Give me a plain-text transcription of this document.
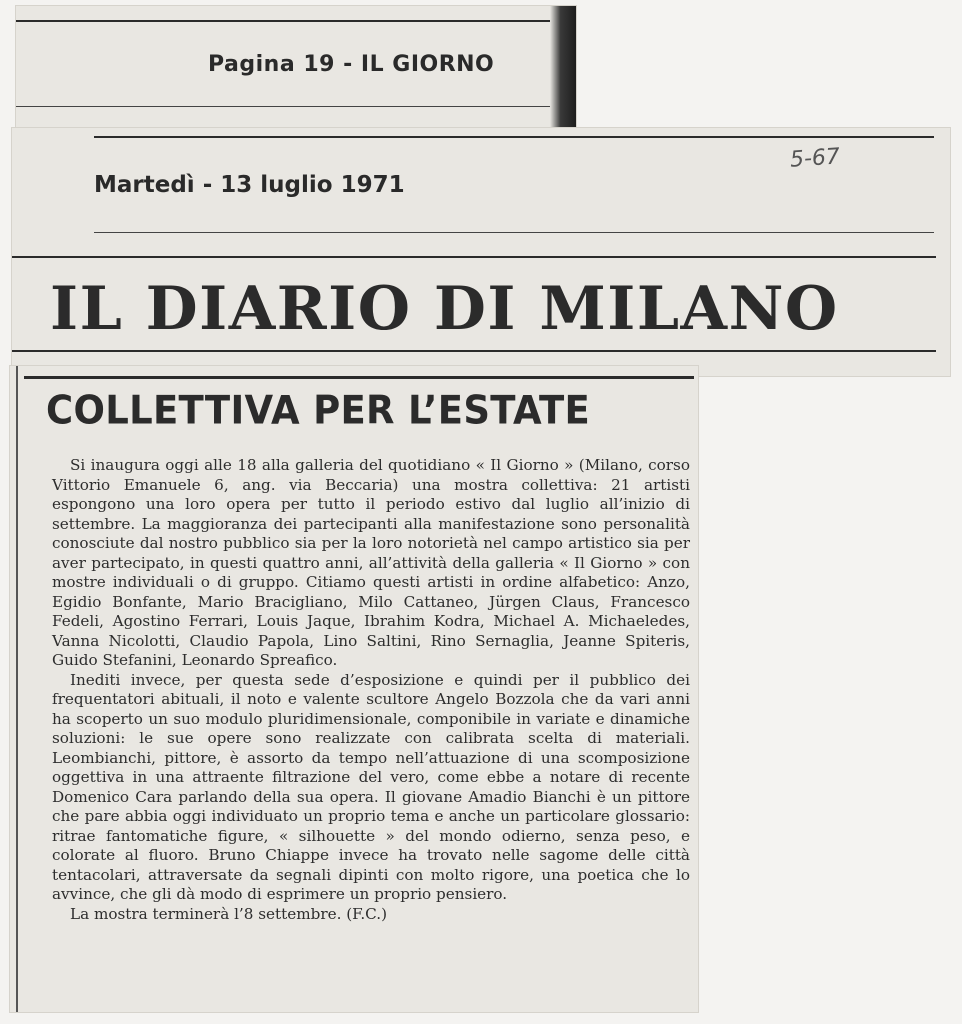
Pagina 19 - IL GIORNO
Martedì - 13 luglio 1971
5-67
IL DIARIO DI MILANO
COLLETTIVA PER L’ESTATE

Si inaugura oggi alle 18 alla galleria del quotidiano « Il Giorno » (Milano, corso Vittorio Emanuele 6, ang. via Beccaria) una mostra collettiva: 21 artisti espongono una loro opera per tutto il periodo estivo dal luglio all’inizio di settembre. La maggioranza dei partecipanti alla manifestazione sono personalità conosciute dal nostro pubblico sia per la loro notorietà nel campo artistico sia per aver partecipato, in questi quattro anni, all’attività della galleria « Il Giorno » con mostre individuali o di gruppo. Citiamo questi artisti in ordine alfabetico: Anzo, Egidio Bonfante, Mario Bracigliano, Milo Cattaneo, Jürgen Claus, Francesco Fedeli, Agostino Ferrari, Louis Jaque, Ibrahim Kodra, Michael A. Michaeledes, Vanna Nicolotti, Claudio Papola, Lino Saltini, Rino Sernaglia, Jeanne Spiteris, Guido Stefanini, Leonardo Spreafico.

Inediti invece, per questa sede d’esposizione e quindi per il pubblico dei frequentatori abituali, il noto e valente scultore Angelo Bozzola che da vari anni ha scoperto un suo modulo pluridimensionale, componibile in variate e dinamiche soluzioni: le sue opere sono realizzate con calibrata scelta di materiali. Leombianchi, pittore, è assorto da tempo nell’attuazione di una scomposizione oggettiva in una attraente filtrazione del vero, come ebbe a notare di recente Domenico Cara parlando della sua opera. Il giovane Amadio Bianchi è un pittore che pare abbia oggi individuato un proprio tema e anche un particolare glossario: ritrae fantomatiche figure, « silhouette » del mondo odierno, senza peso, e colorate al fluoro. Bruno Chiappe invece ha trovato nelle sagome delle città tentacolari, attraversate da segnali dipinti con molto rigore, una poetica che lo avvince, che gli dà modo di esprimere un proprio pensiero.

La mostra terminerà l’8 settembre. (F.C.)
